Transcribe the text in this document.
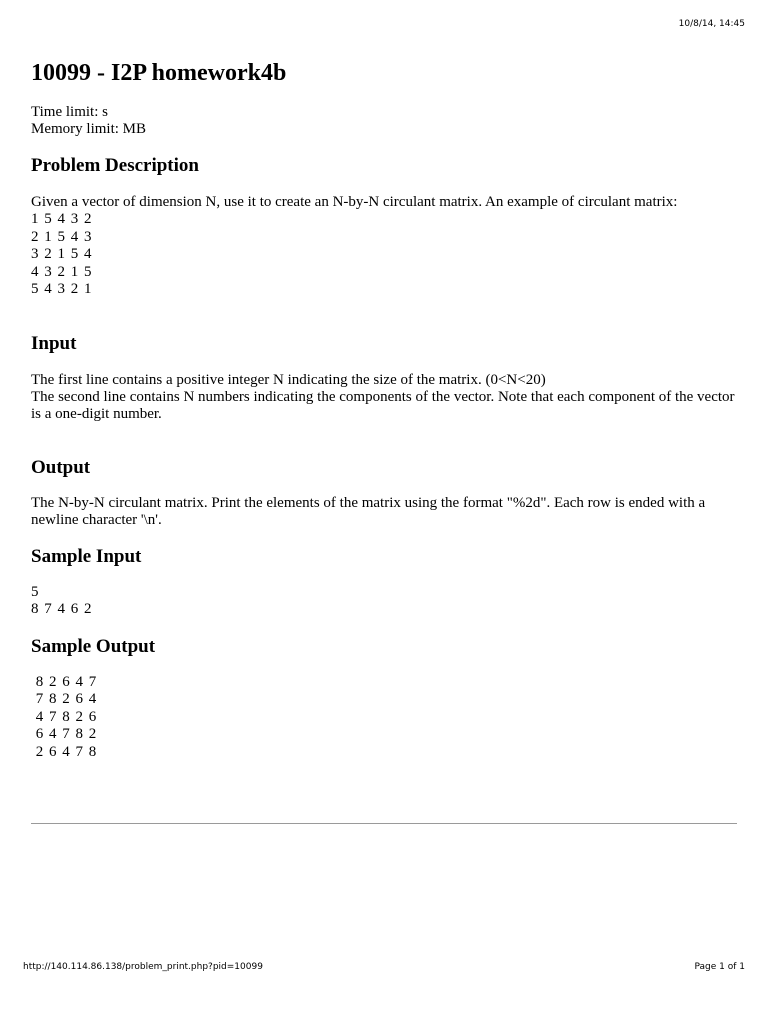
10/8/14, 14:45
10099 - I2P homework4b
Time limit: s
Memory limit: MB
Problem Description
Given a vector of dimension N, use it to create an N-by-N circulant matrix. An example of circulant matrix:
1 5 4 3 2
2 1 5 4 3
3 2 1 5 4
4 3 2 1 5
5 4 3 2 1
Input
The first line contains a positive integer N indicating the size of the matrix. (0<N<20)
The second line contains N numbers indicating the components of the vector. Note that each component of the vector is a one-digit number.
Output
The N-by-N circulant matrix. Print the elements of the matrix using the format "%2d". Each row is ended with a newline character '\n'.
Sample Input
5
8 7 4 6 2
Sample Output
8 2 6 4 7
7 8 2 6 4
4 7 8 2 6
6 4 7 8 2
2 6 4 7 8
http://140.114.86.138/problem_print.php?pid=10099	Page 1 of 1
